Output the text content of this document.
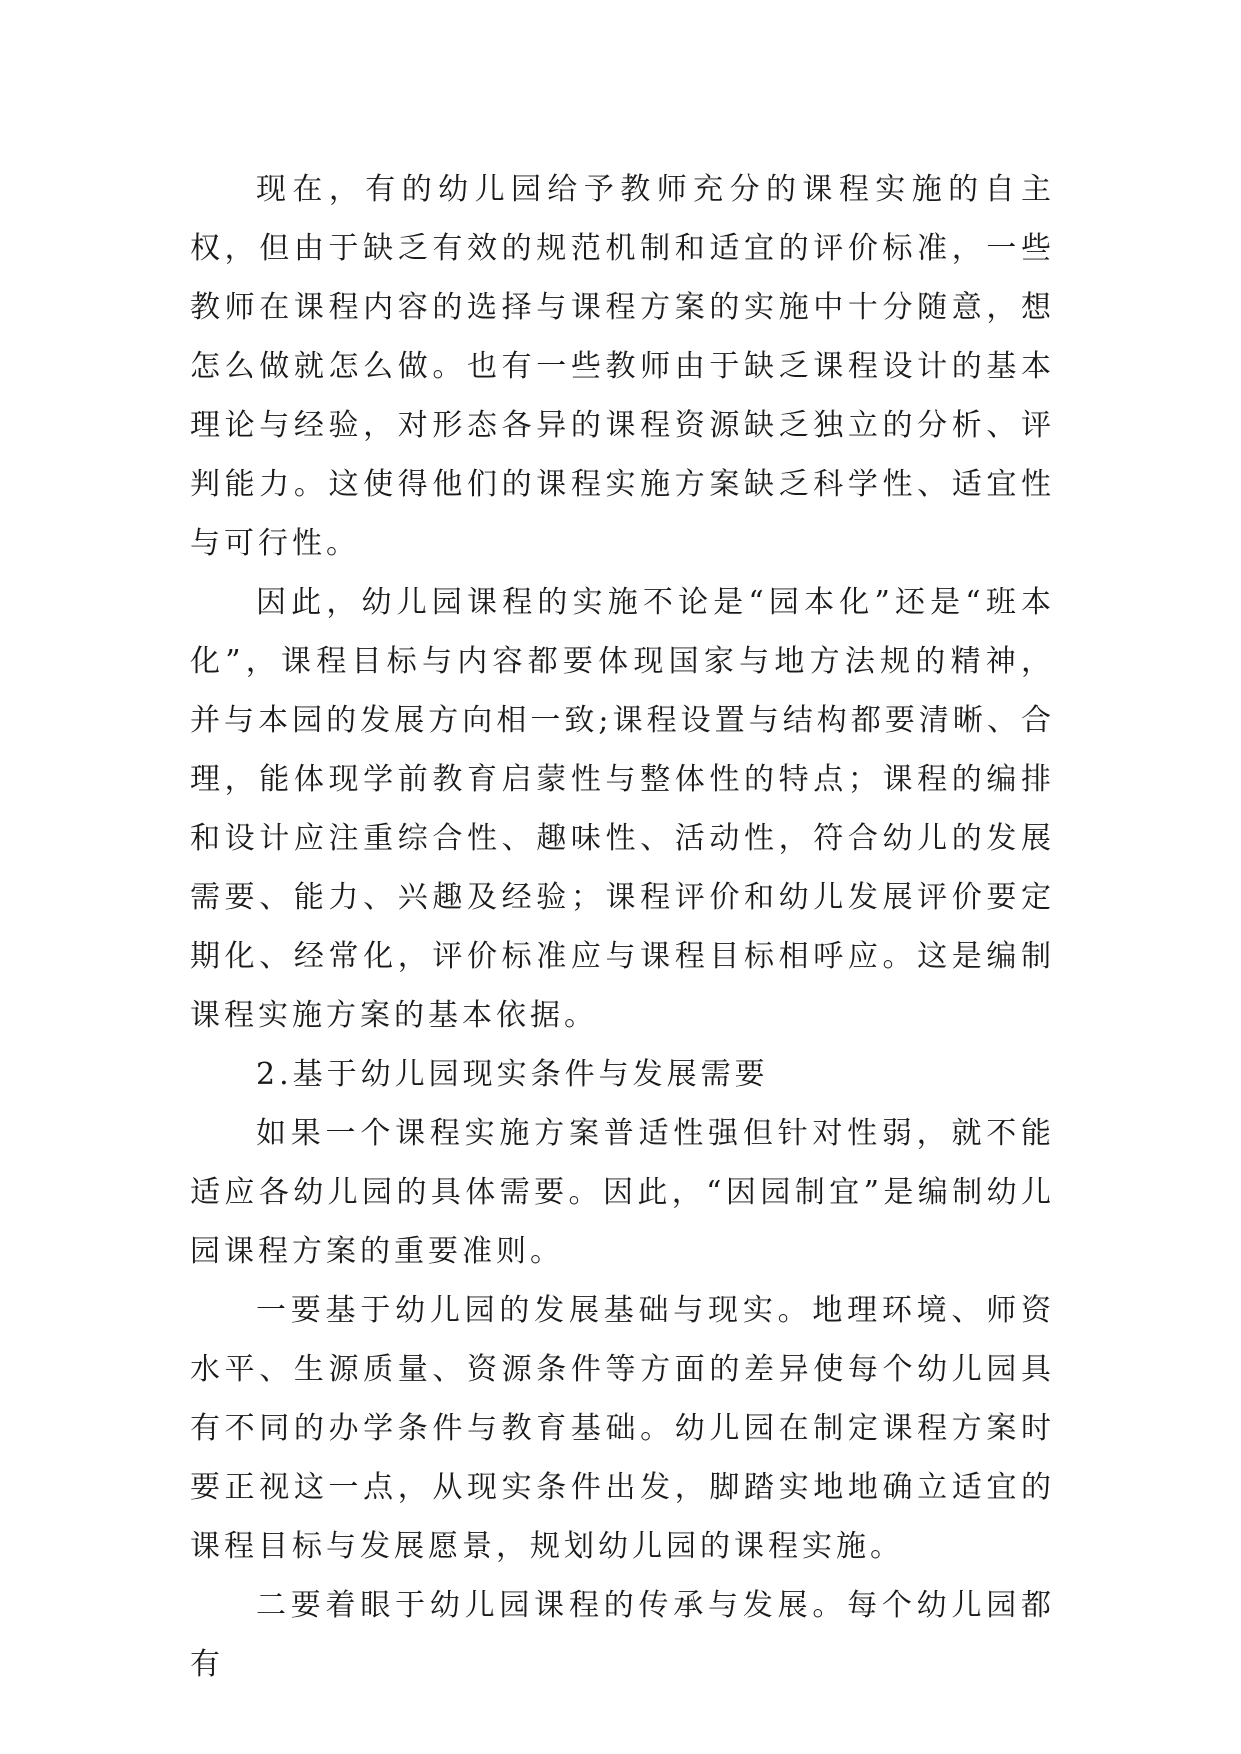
现在，有的幼儿园给予教师充分的课程实施的自主权，但由于缺乏有效的规范机制和适宜的评价标准，一些教师在课程内容的选择与课程方案的实施中十分随意，想怎么做就怎么做。也有一些教师由于缺乏课程设计的基本理论与经验，对形态各异的课程资源缺乏独立的分析、评判能力。这使得他们的课程实施方案缺乏科学性、适宜性与可行性。

因此，幼儿园课程的实施不论是“园本化”还是“班本化”，课程目标与内容都要体现国家与地方法规的精神，并与本园的发展方向相一致;课程设置与结构都要清晰、合理，能体现学前教育启蒙性与整体性的特点；课程的编排和设计应注重综合性、趣味性、活动性，符合幼儿的发展需要、能力、兴趣及经验；课程评价和幼儿发展评价要定期化、经常化，评价标准应与课程目标相呼应。这是编制课程实施方案的基本依据。

2.基于幼儿园现实条件与发展需要

如果一个课程实施方案普适性强但针对性弱，就不能适应各幼儿园的具体需要。因此，“因园制宜”是编制幼儿园课程方案的重要准则。

一要基于幼儿园的发展基础与现实。地理环境、师资水平、生源质量、资源条件等方面的差异使每个幼儿园具有不同的办学条件与教育基础。幼儿园在制定课程方案时要正视这一点，从现实条件出发，脚踏实地地确立适宜的课程目标与发展愿景，规划幼儿园的课程实施。

二要着眼于幼儿园课程的传承与发展。每个幼儿园都有
